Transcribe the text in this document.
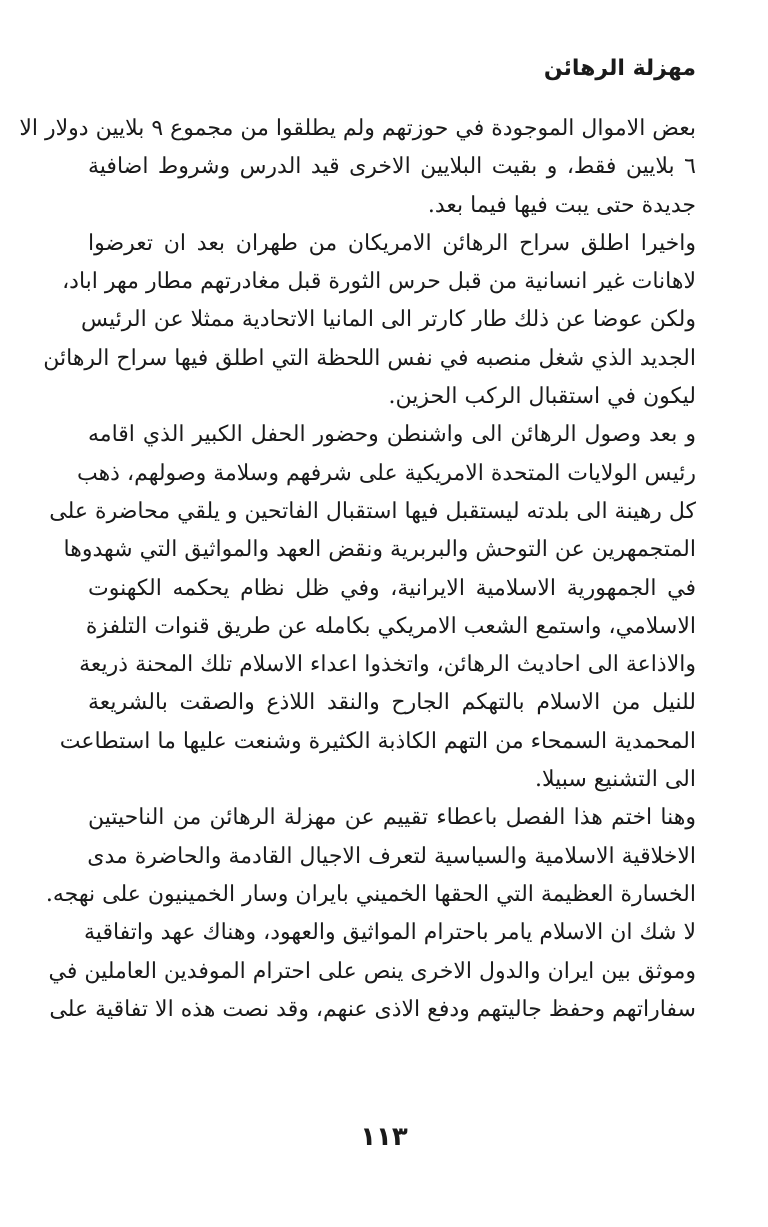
مهزلة الرهائن

بعض الاموال الموجودة في حوزتهم ولم يطلقوا من مجموع ٩ بلايين دولار الا
٦ بلايين فقط، و بقيت البلايين الاخرى قيد الدرس وشروط اضافية
جديدة حتى يبت فيها فيما بعد.

واخيرا اطلق سراح الرهائن الامريكان من طهران بعد ان تعرضوا
لاهانات غير انسانية من قبل حرس الثورة قبل مغادرتهم مطار مهر اباد،
ولكن عوضا عن ذلك طار كارتر الى المانيا الاتحادية ممثلا عن الرئيس
الجديد الذي شغل منصبه في نفس اللحظة التي اطلق فيها سراح الرهائن
ليكون في استقبال الركب الحزين.

و بعد وصول الرهائن الى واشنطن وحضور الحفل الكبير الذي اقامه
رئيس الولايات المتحدة الامريكية على شرفهم وسلامة وصولهم، ذهب
كل رهينة الى بلدته ليستقبل فيها استقبال الفاتحين و يلقي محاضرة على
المتجمهرين عن التوحش والبربرية ونقض العهد والمواثيق التي شهدوها
في الجمهورية الاسلامية الايرانية، وفي ظل نظام يحكمه الكهنوت
الاسلامي، واستمع الشعب الامريكي بكامله عن طريق قنوات التلفزة
والاذاعة الى احاديث الرهائن، واتخذوا اعداء الاسلام تلك المحنة ذريعة
للنيل من الاسلام بالتهكم الجارح والنقد اللاذع والصقت بالشريعة
المحمدية السمحاء من التهم الكاذبة الكثيرة وشنعت عليها ما استطاعت
الى التشنيع سبيلا.

وهنا اختم هذا الفصل باعطاء تقييم عن مهزلة الرهائن من الناحيتين
الاخلاقية الاسلامية والسياسية لتعرف الاجيال القادمة والحاضرة مدى
الخسارة العظيمة التي الحقها الخميني بايران وسار الخمينيون على نهجه.

لا شك ان الاسلام يامر باحترام المواثيق والعهود، وهناك عهد واتفاقية
وموثق بين ايران والدول الاخرى ينص على احترام الموفدين العاملين في
سفاراتهم وحفظ جاليتهم ودفع الاذى عنهم، وقد نصت هذه الا تفاقية على

١١٣
